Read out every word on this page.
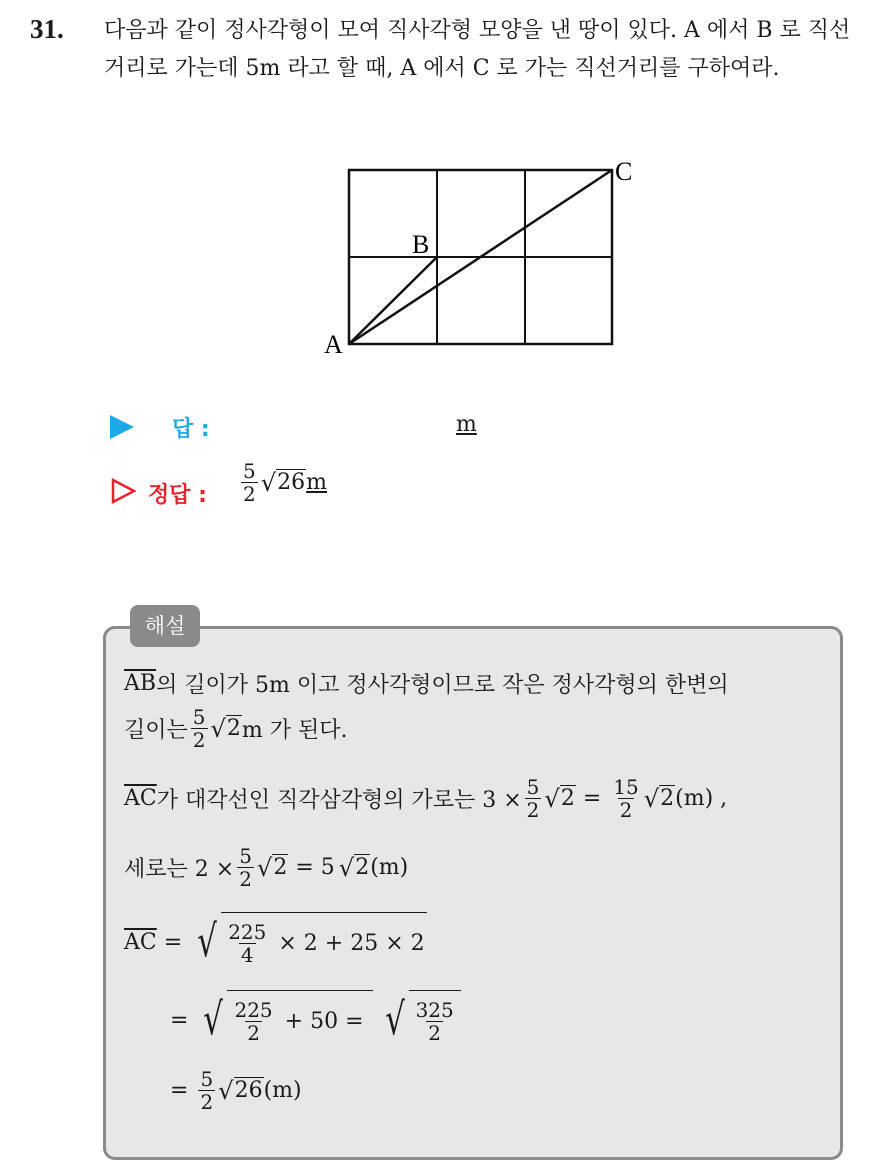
31. 다음과 같이 정사각형이 모여 직사각형 모양을 낸 땅이 있다. A 에서 B 로 직선거리로 가는데 5m 라고 할 때, A 에서 C 로 가는 직선거리를 구하여라.
A
B
C
답 :	m
정답 : $\frac{5}{2}$ √ 26 m
해설
$\overline{AB}$ 의 길이가 5m 이고 정사각형이므로 작은 정사각형의 한변의
길이는 $\frac{5}{2}$ √ 2 m 가 된다.
$\overline{AC}$ 가 대각선인 직각삼각형의 가로는 $3 \times \frac{5}{2}$ √ $2 = \frac{15}{2}$ √ 2 (m) ,
세로는 $2 \times \frac{5}{2}$ √ 2 = 5 √ 2 (m)
$\overline{AC}$ = √ $\frac{225}{4} \times 2 + 25 \times 2$
= √ $\frac{225}{2} + 50$ = √ $\frac{325}{2}$
= $\frac{5}{2}$ √ 26 (m)
